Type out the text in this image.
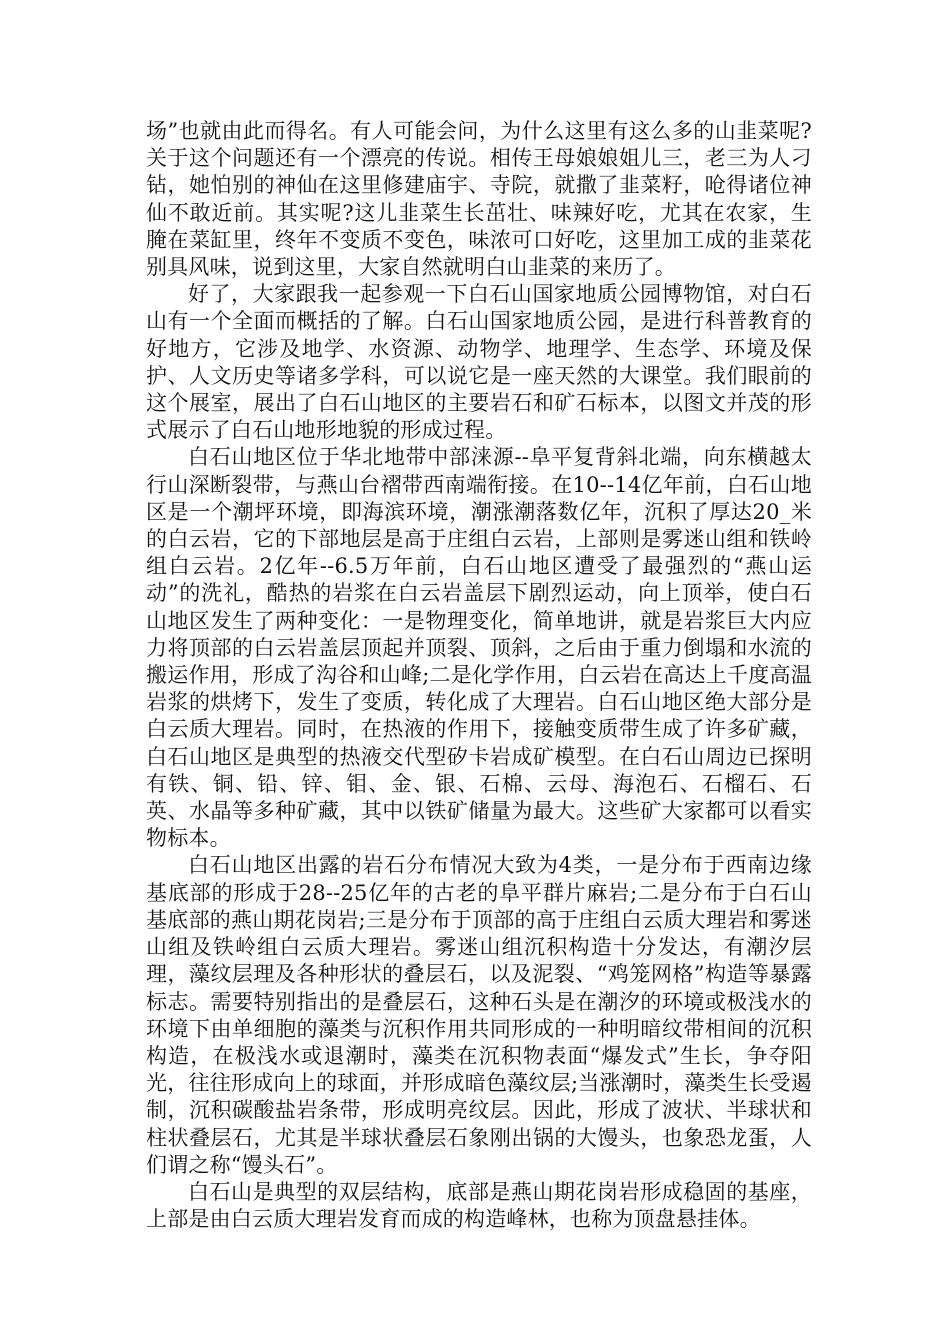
场”也就由此而得名。有人可能会问，为什么这里有这么多的山韭菜呢?关于这个问题还有一个漂亮的传说。相传王母娘娘姐儿三，老三为人刁钻，她怕别的神仙在这里修建庙宇、寺院，就撒了韭菜籽，呛得诸位神仙不敢近前。其实呢?这儿韭菜生长茁壮、味辣好吃，尤其在农家，生腌在菜缸里，终年不变质不变色，味浓可口好吃，这里加工成的韭菜花别具风味，说到这里，大家自然就明白山韭菜的来历了。

好了，大家跟我一起参观一下白石山国家地质公园博物馆，对白石山有一个全面而概括的了解。白石山国家地质公园，是进行科普教育的好地方，它涉及地学、水资源、动物学、地理学、生态学、环境及保护、人文历史等诸多学科，可以说它是一座天然的大课堂。我们眼前的这个展室，展出了白石山地区的主要岩石和矿石标本，以图文并茂的形式展示了白石山地形地貌的形成过程。

白石山地区位于华北地带中部涞源--阜平复背斜北端，向东横越太行山深断裂带，与燕山台褶带西南端衔接。在10--14亿年前，白石山地区是一个潮坪环境，即海滨环境，潮涨潮落数亿年，沉积了厚达20_米的白云岩，它的下部地层是高于庄组白云岩，上部则是雾迷山组和铁岭组白云岩。2亿年--6.5万年前，白石山地区遭受了最强烈的“燕山运动”的洗礼，酷热的岩浆在白云岩盖层下剧烈运动，向上顶举，使白石山地区发生了两种变化：一是物理变化，简单地讲，就是岩浆巨大内应力将顶部的白云岩盖层顶起并顶裂、顶斜，之后由于重力倒塌和水流的搬运作用，形成了沟谷和山峰;二是化学作用，白云岩在高达上千度高温岩浆的烘烤下，发生了变质，转化成了大理岩。白石山地区绝大部分是白云质大理岩。同时，在热液的作用下，接触变质带生成了许多矿藏，白石山地区是典型的热液交代型矽卡岩成矿模型。在白石山周边已探明有铁、铜、铅、锌、钼、金、银、石棉、云母、海泡石、石榴石、石英、水晶等多种矿藏，其中以铁矿储量为最大。这些矿大家都可以看实物标本。

白石山地区出露的岩石分布情况大致为4类，一是分布于西南边缘基底部的形成于28--25亿年的古老的阜平群片麻岩;二是分布于白石山基底部的燕山期花岗岩;三是分布于顶部的高于庄组白云质大理岩和雾迷山组及铁岭组白云质大理岩。雾迷山组沉积构造十分发达，有潮汐层理，藻纹层理及各种形状的叠层石，以及泥裂、“鸡笼网格”构造等暴露标志。需要特别指出的是叠层石，这种石头是在潮汐的环境或极浅水的环境下由单细胞的藻类与沉积作用共同形成的一种明暗纹带相间的沉积构造，在极浅水或退潮时，藻类在沉积物表面“爆发式”生长，争夺阳光，往往形成向上的球面，并形成暗色藻纹层;当涨潮时，藻类生长受遏制，沉积碳酸盐岩条带，形成明亮纹层。因此，形成了波状、半球状和柱状叠层石，尤其是半球状叠层石象刚出锅的大馒头，也象恐龙蛋，人们谓之称“馒头石”。

白石山是典型的双层结构，底部是燕山期花岗岩形成稳固的基座，上部是由白云质大理岩发育而成的构造峰林，也称为顶盘悬挂体。
